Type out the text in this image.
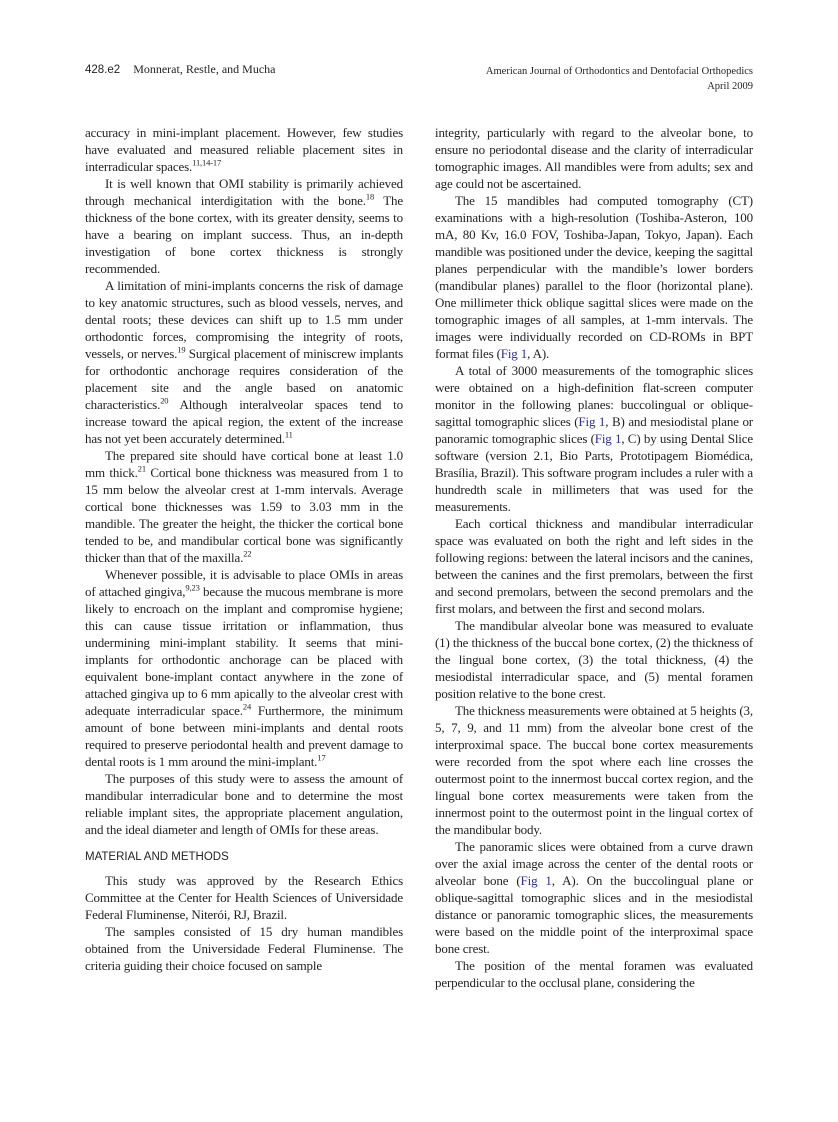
428.e2 Monnerat, Restle, and Mucha	American Journal of Orthodontics and Dentofacial Orthopedics
April 2009

accuracy in mini-implant placement. However, few studies have evaluated and measured reliable placement sites in interradicular spaces.$^{11,14-17}$

It is well known that OMI stability is primarily achieved through mechanical interdigitation with the bone.$^{18}$ The thickness of the bone cortex, with its greater density, seems to have a bearing on implant success. Thus, an in-depth investigation of bone cortex thickness is strongly recommended.

A limitation of mini-implants concerns the risk of damage to key anatomic structures, such as blood vessels, nerves, and dental roots; these devices can shift up to 1.5 mm under orthodontic forces, compromising the integrity of roots, vessels, or nerves.$^{19}$ Surgical placement of miniscrew implants for orthodontic anchorage requires consideration of the placement site and the angle based on anatomic characteristics.$^{20}$ Although interalveolar spaces tend to increase toward the apical region, the extent of the increase has not yet been accurately determined.$^{11}$

The prepared site should have cortical bone at least 1.0 mm thick.$^{21}$ Cortical bone thickness was measured from 1 to 15 mm below the alveolar crest at 1-mm intervals. Average cortical bone thicknesses was 1.59 to 3.03 mm in the mandible. The greater the height, the thicker the cortical bone tended to be, and mandibular cortical bone was significantly thicker than that of the maxilla.$^{22}$

Whenever possible, it is advisable to place OMIs in areas of attached gingiva,$^{9,23}$ because the mucous membrane is more likely to encroach on the implant and compromise hygiene; this can cause tissue irritation or inflammation, thus undermining mini-implant stability. It seems that mini-implants for orthodontic anchorage can be placed with equivalent bone-implant contact anywhere in the zone of attached gingiva up to 6 mm apically to the alveolar crest with adequate interradicular space.$^{24}$ Furthermore, the minimum amount of bone between mini-implants and dental roots required to preserve periodontal health and prevent damage to dental roots is 1 mm around the mini-implant.$^{17}$

The purposes of this study were to assess the amount of mandibular interradicular bone and to determine the most reliable implant sites, the appropriate placement angulation, and the ideal diameter and length of OMIs for these areas.

MATERIAL AND METHODS

This study was approved by the Research Ethics Committee at the Center for Health Sciences of Universidade Federal Fluminense, Niterói, RJ, Brazil.

The samples consisted of 15 dry human mandibles obtained from the Universidade Federal Fluminense. The criteria guiding their choice focused on sample

integrity, particularly with regard to the alveolar bone, to ensure no periodontal disease and the clarity of interradicular tomographic images. All mandibles were from adults; sex and age could not be ascertained.

The 15 mandibles had computed tomography (CT) examinations with a high-resolution (Toshiba-Asteron, 100 mA, 80 Kv, 16.0 FOV, Toshiba-Japan, Tokyo, Japan). Each mandible was positioned under the device, keeping the sagittal planes perpendicular with the mandible’s lower borders (mandibular planes) parallel to the floor (horizontal plane). One millimeter thick oblique sagittal slices were made on the tomographic images of all samples, at 1-mm intervals. The images were individually recorded on CD-ROMs in BPT format files (Fig 1, A).

A total of 3000 measurements of the tomographic slices were obtained on a high-definition flat-screen computer monitor in the following planes: buccolingual or oblique-sagittal tomographic slices (Fig 1, B) and mesiodistal plane or panoramic tomographic slices (Fig 1, C) by using Dental Slice software (version 2.1, Bio Parts, Prototipagem Biomédica, Brasília, Brazil). This software program includes a ruler with a hundredth scale in millimeters that was used for the measurements.

Each cortical thickness and mandibular interradicular space was evaluated on both the right and left sides in the following regions: between the lateral incisors and the canines, between the canines and the first premolars, between the first and second premolars, between the second premolars and the first molars, and between the first and second molars.

The mandibular alveolar bone was measured to evaluate (1) the thickness of the buccal bone cortex, (2) the thickness of the lingual bone cortex, (3) the total thickness, (4) the mesiodistal interradicular space, and (5) mental foramen position relative to the bone crest.

The thickness measurements were obtained at 5 heights (3, 5, 7, 9, and 11 mm) from the alveolar bone crest of the interproximal space. The buccal bone cortex measurements were recorded from the spot where each line crosses the outermost point to the innermost buccal cortex region, and the lingual bone cortex measurements were taken from the innermost point to the outermost point in the lingual cortex of the mandibular body.

The panoramic slices were obtained from a curve drawn over the axial image across the center of the dental roots or alveolar bone (Fig 1, A). On the buccolingual plane or oblique-sagittal tomographic slices and in the mesiodistal distance or panoramic tomographic slices, the measurements were based on the middle point of the interproximal space bone crest.

The position of the mental foramen was evaluated perpendicular to the occlusal plane, considering the
